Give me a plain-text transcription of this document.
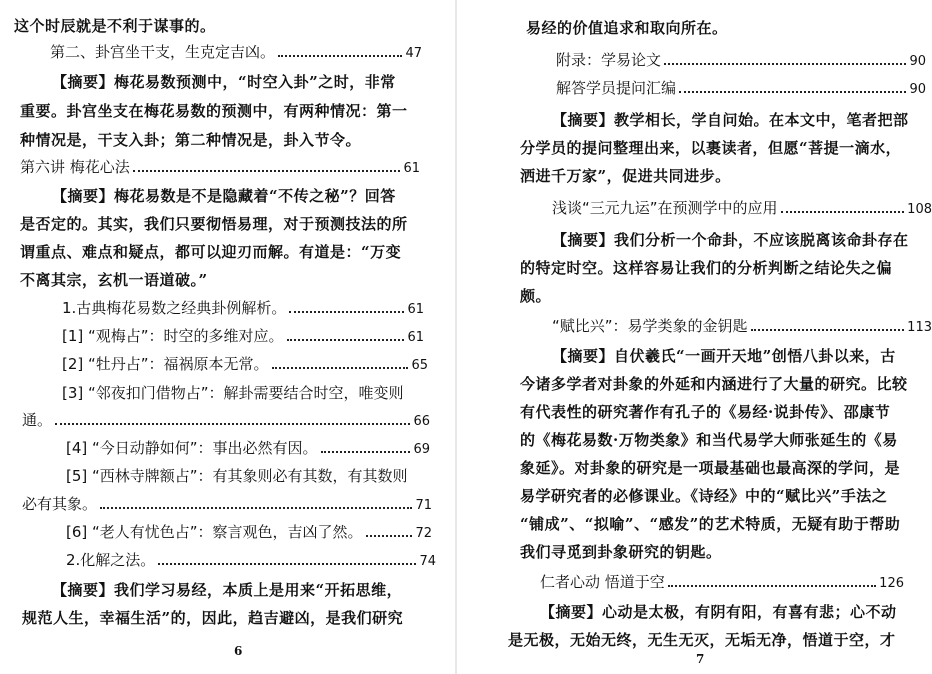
这个时辰就是不利于谋事的。
第二、卦宫坐干支，生克定吉凶。	47
【摘要】梅花易数预测中，“时空入卦”之时，非常
重要。卦宫坐支在梅花易数的预测中，有两种情况：第一
种情况是，干支入卦；第二种情况是，卦入节令。
第六讲 梅花心法	61
【摘要】梅花易数是不是隐藏着“不传之秘”？回答
是否定的。其实，我们只要彻悟易理，对于预测技法的所
谓重点、难点和疑点，都可以迎刃而解。有道是：“万变
不离其宗，玄机一语道破。”
1.古典梅花易数之经典卦例解析。	61
[1] “观梅占”：时空的多维对应。	61
[2] “牡丹占”：福祸原本无常。	65
[3] “邻夜扣门借物占”：解卦需要结合时空，唯变则
通。	66
[4] “今日动静如何”：事出必然有因。	69
[5] “西林寺牌额占”：有其象则必有其数，有其数则
必有其象。	71
[6] “老人有忧色占”：察言观色，吉凶了然。	72
2.化解之法。	74
【摘要】我们学习易经，本质上是用来“开拓思维，
规范人生，幸福生活”的，因此，趋吉避凶，是我们研究
6
易经的价值追求和取向所在。
附录：学易论文	90
解答学员提问汇编	90
【摘要】教学相长，学自问始。在本文中，笔者把部
分学员的提问整理出来，以裹读者，但愿“菩提一滴水，
洒进千万家”，促进共同进步。
浅谈“三元九运”在预测学中的应用	108
【摘要】我们分析一个命卦，不应该脱离该命卦存在
的特定时空。这样容易让我们的分析判断之结论失之偏
颇。
“赋比兴”：易学类象的金钥匙	113
【摘要】自伏羲氏“一画开天地”创悟八卦以来，古
今诸多学者对卦象的外延和内涵进行了大量的研究。比较
有代表性的研究著作有孔子的《易经·说卦传》、邵康节
的《梅花易数·万物类象》和当代易学大师张延生的《易
象延》。对卦象的研究是一项最基础也最高深的学问，是
易学研究者的必修课业。《诗经》中的“赋比兴”手法之
“铺成”、“拟喻”、“感发”的艺术特质，无疑有助于帮助
我们寻觅到卦象研究的钥匙。
仁者心动 悟道于空	126
【摘要】心动是太极，有阴有阳，有喜有悲；心不动
是无极，无始无终，无生无灭，无垢无净，悟道于空，才
7
